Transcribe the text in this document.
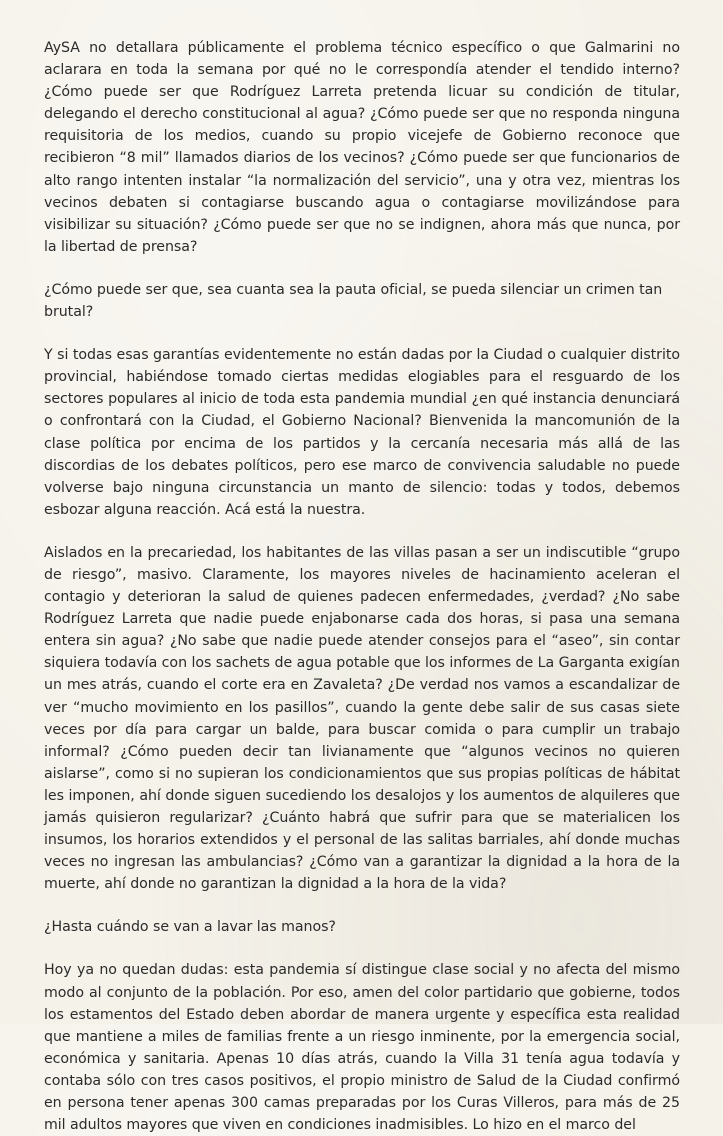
AySA no detallara públicamente el problema técnico específico o que Galmarini no aclarara en toda la semana por qué no le correspondía atender el tendido interno? ¿Cómo puede ser que Rodríguez Larreta pretenda licuar su condición de titular, delegando el derecho constitucional al agua? ¿Cómo puede ser que no responda ninguna requisitoria de los medios, cuando su propio vicejefe de Gobierno reconoce que recibieron “8 mil” llamados diarios de los vecinos? ¿Cómo puede ser que funcionarios de alto rango intenten instalar “la normalización del servicio”, una y otra vez, mientras los vecinos debaten si contagiarse buscando agua o contagiarse movilizándose para visibilizar su situación? ¿Cómo puede ser que no se indignen, ahora más que nunca, por la libertad de prensa?

¿Cómo puede ser que, sea cuanta sea la pauta oficial, se pueda silenciar un crimen tan brutal?

Y si todas esas garantías evidentemente no están dadas por la Ciudad o cualquier distrito provincial, habiéndose tomado ciertas medidas elogiables para el resguardo de los sectores populares al inicio de toda esta pandemia mundial ¿en qué instancia denunciará o confrontará con la Ciudad, el Gobierno Nacional? Bienvenida la mancomunión de la clase política por encima de los partidos y la cercanía necesaria más allá de las discordias de los debates políticos, pero ese marco de convivencia saludable no puede volverse bajo ninguna circunstancia un manto de silencio: todas y todos, debemos esbozar alguna reacción. Acá está la nuestra.

Aislados en la precariedad, los habitantes de las villas pasan a ser un indiscutible “grupo de riesgo”, masivo. Claramente, los mayores niveles de hacinamiento aceleran el contagio y deterioran la salud de quienes padecen enfermedades, ¿verdad? ¿No sabe Rodríguez Larreta que nadie puede enjabonarse cada dos horas, si pasa una semana entera sin agua? ¿No sabe que nadie puede atender consejos para el “aseo”, sin contar siquiera todavía con los sachets de agua potable que los informes de La Garganta exigían un mes atrás, cuando el corte era en Zavaleta? ¿De verdad nos vamos a escandalizar de ver “mucho movimiento en los pasillos”, cuando la gente debe salir de sus casas siete veces por día para cargar un balde, para buscar comida o para cumplir un trabajo informal? ¿Cómo pueden decir tan livianamente que “algunos vecinos no quieren aislarse”, como si no supieran los condicionamientos que sus propias políticas de hábitat les imponen, ahí donde siguen sucediendo los desalojos y los aumentos de alquileres que jamás quisieron regularizar? ¿Cuánto habrá que sufrir para que se materialicen los insumos, los horarios extendidos y el personal de las salitas barriales, ahí donde muchas veces no ingresan las ambulancias? ¿Cómo van a garantizar la dignidad a la hora de la muerte, ahí donde no garantizan la dignidad a la hora de la vida?

¿Hasta cuándo se van a lavar las manos?

Hoy ya no quedan dudas: esta pandemia sí distingue clase social y no afecta del mismo modo al conjunto de la población. Por eso, amen del color partidario que gobierne, todos los estamentos del Estado deben abordar de manera urgente y específica esta realidad que mantiene a miles de familias frente a un riesgo inminente, por la emergencia social, económica y sanitaria. Apenas 10 días atrás, cuando la Villa 31 tenía agua todavía y contaba sólo con tres casos positivos, el propio ministro de Salud de la Ciudad confirmó en persona tener apenas 300 camas preparadas por los Curas Villeros, para más de 25 mil adultos mayores que viven en condiciones inadmisibles. Lo hizo en el marco del
